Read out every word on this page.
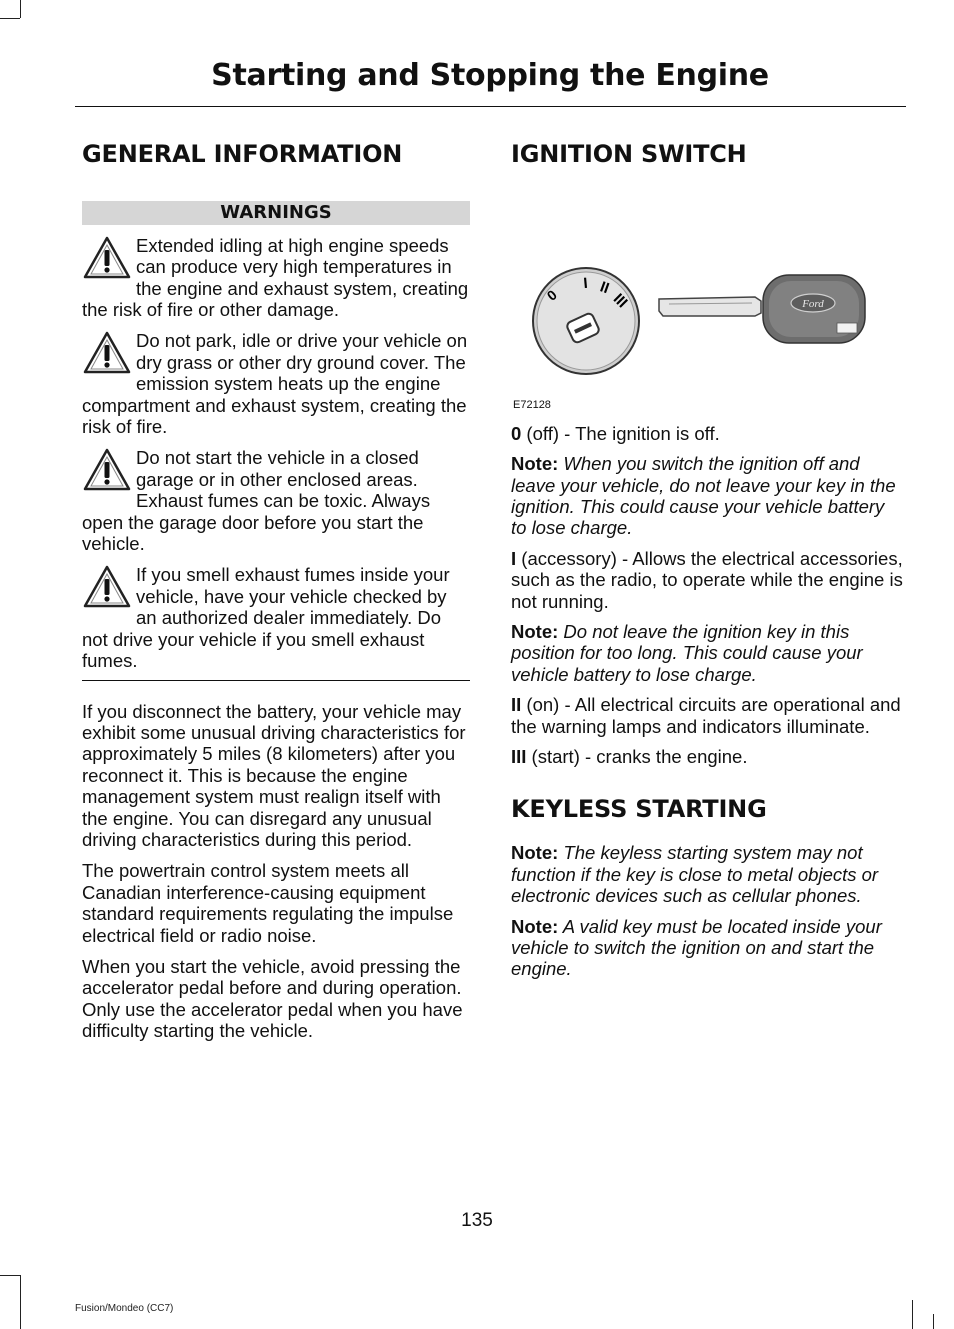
Starting and Stopping the Engine
GENERAL INFORMATION
WARNINGS
Extended idling at high engine speeds can produce very high temperatures in the engine and exhaust system, creating the risk of fire or other damage.
Do not park, idle or drive your vehicle on dry grass or other dry ground cover. The emission system heats up the engine compartment and exhaust system, creating the risk of fire.
Do not start the vehicle in a closed garage or in other enclosed areas. Exhaust fumes can be toxic. Always open the garage door before you start the vehicle.
If you smell exhaust fumes inside your vehicle, have your vehicle checked by an authorized dealer immediately. Do not drive your vehicle if you smell exhaust fumes.

If you disconnect the battery, your vehicle may exhibit some unusual driving characteristics for approximately 5 miles (8 kilometers) after you reconnect it. This is because the engine management system must realign itself with the engine. You can disregard any unusual driving characteristics during this period.

The powertrain control system meets all Canadian interference-causing equipment standard requirements regulating the impulse electrical field or radio noise.

When you start the vehicle, avoid pressing the accelerator pedal before and during operation. Only use the accelerator pedal when you have difficulty starting the vehicle.

IGNITION SWITCH
0
I II
III	Ford
E72128

0 (off) - The ignition is off.

Note: When you switch the ignition off and leave your vehicle, do not leave your key in the ignition. This could cause your vehicle battery to lose charge.

I (accessory) - Allows the electrical accessories, such as the radio, to operate while the engine is not running.

Note: Do not leave the ignition key in this position for too long. This could cause your vehicle battery to lose charge.

II (on) - All electrical circuits are operational and the warning lamps and indicators illuminate.

III (start) - cranks the engine.

KEYLESS STARTING

Note: The keyless starting system may not function if the key is close to metal objects or electronic devices such as cellular phones.

Note: A valid key must be located inside your vehicle to switch the ignition on and start the engine.

135
Fusion/Mondeo (CC7)
